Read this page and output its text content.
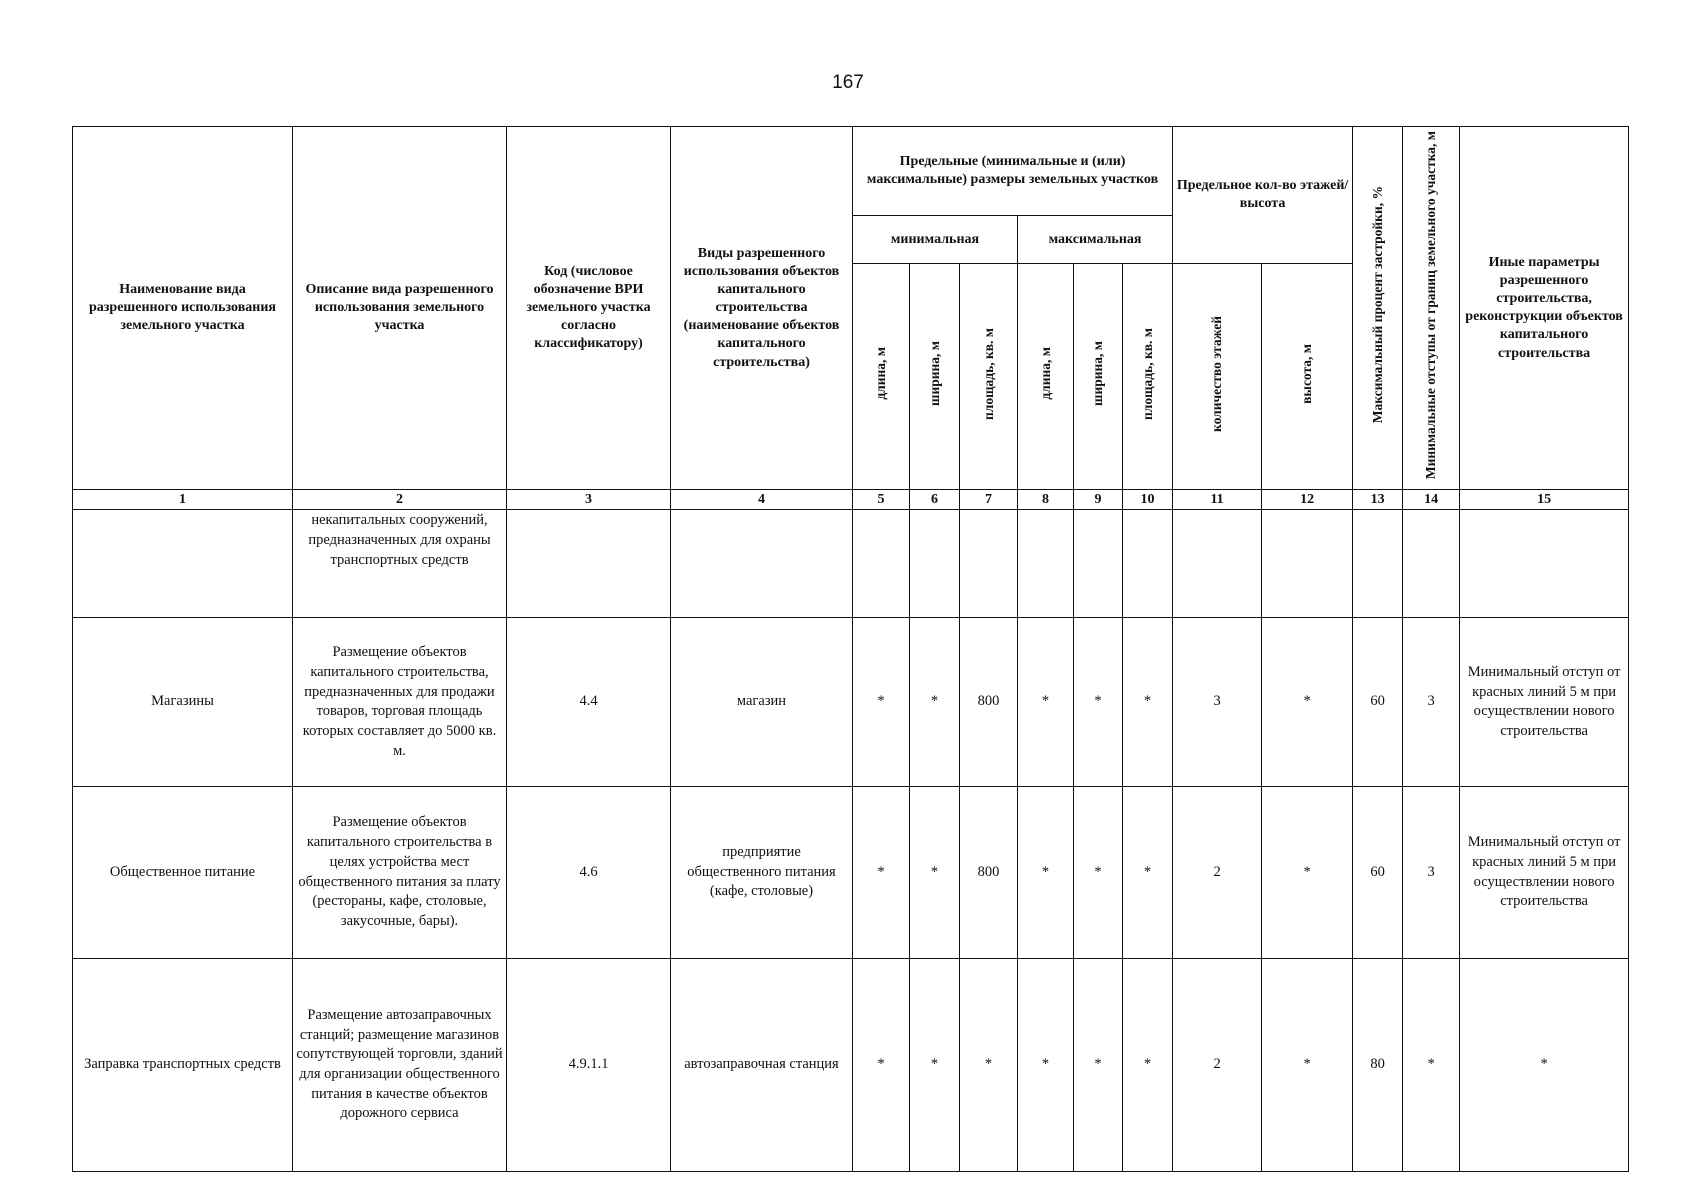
167
Наименование вида разрешенного использования земельного участка	Описание вида разрешенного использования земельного участка	Код (числовое обозначение ВРИ земельного участка согласно классификатору)	Виды разрешенного использования объектов капитального строительства (наименование объектов капитального строительства)	Предельные (минимальные и (или) максимальные) размеры земельных участков						Предельное кол-во этажей/высота		Максимальный процент застройки, %	Минимальные отступы от границ земельного участка, м	Иные параметры разрешенного строительства, реконструкции объектов капитального строительства
				минимальная			максимальная							
				длина, м	ширина, м	площадь, кв. м	длина, м	ширина, м	площадь, кв. м	количество этажей	высота, м			
1	2	3	4	5	6	7	8	9	10	11	12	13	14	15
	некапитальных сооружений, предназначенных для охраны транспортных средств													
Магазины	Размещение объектов капитального строительства, предназначенных для продажи товаров, торговая площадь которых составляет до 5000 кв. м.	4.4	магазин	*	*	800	*	*	*	3	*	60	3	Минимальный отступ от красных линий 5 м при осуществлении нового строительства
Общественное питание	Размещение объектов капитального строительства в целях устройства мест общественного питания за плату (рестораны, кафе, столовые, закусочные, бары).	4.6	предприятие общественного питания (кафе, столовые)	*	*	800	*	*	*	2	*	60	3	Минимальный отступ от красных линий 5 м при осуществлении нового строительства
Заправка транспортных средств	Размещение автозаправочных станций; размещение магазинов сопутствующей торговли, зданий для организации общественного питания в качестве объектов дорожного сервиса	4.9.1.1	автозаправочная станция	*	*	*	*	*	*	2	*	80	*	*
